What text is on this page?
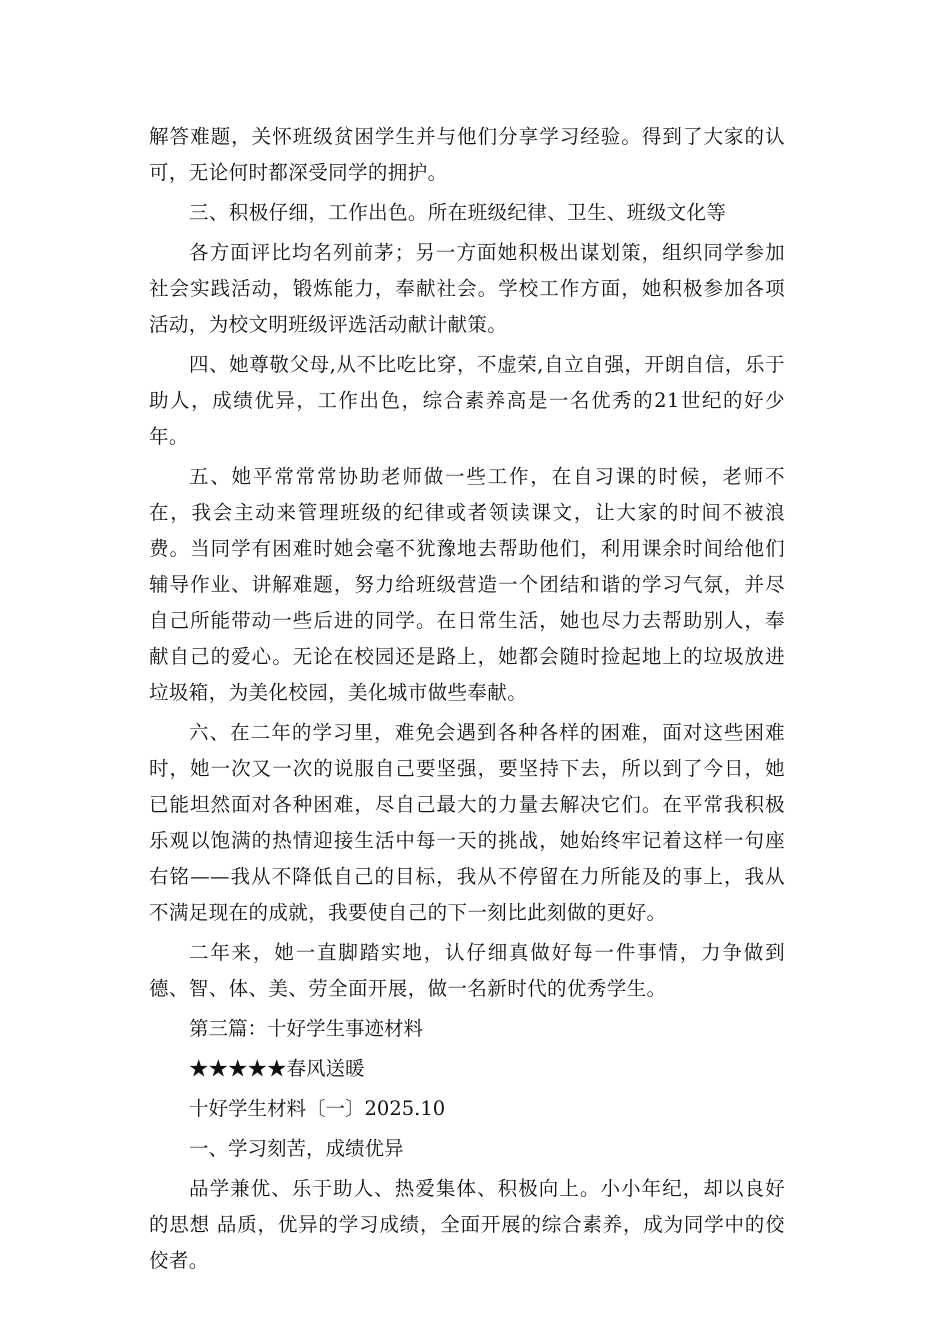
解答难题，关怀班级贫困学生并与他们分享学习经验。得到了大家的认可，无论何时都深受同学的拥护。

三、积极仔细，工作出色。所在班级纪律、卫生、班级文化等

各方面评比均名列前茅；另一方面她积极出谋划策，组织同学参加社会实践活动，锻炼能力，奉献社会。学校工作方面，她积极参加各项活动，为校文明班级评选活动献计献策。

四、她尊敬父母,从不比吃比穿，不虚荣,自立自强，开朗自信，乐于助人，成绩优异，工作出色，综合素养高是一名优秀的21世纪的好少年。

五、她平常常常协助老师做一些工作，在自习课的时候，老师不在，我会主动来管理班级的纪律或者领读课文，让大家的时间不被浪费。当同学有困难时她会毫不犹豫地去帮助他们，利用课余时间给他们辅导作业、讲解难题，努力给班级营造一个团结和谐的学习气氛，并尽自己所能带动一些后进的同学。在日常生活，她也尽力去帮助别人，奉献自己的爱心。无论在校园还是路上，她都会随时捡起地上的垃圾放进垃圾箱，为美化校园，美化城市做些奉献。

六、在二年的学习里，难免会遇到各种各样的困难，面对这些困难时，她一次又一次的说服自己要坚强，要坚持下去，所以到了今日，她已能坦然面对各种困难，尽自己最大的力量去解决它们。在平常我积极乐观以饱满的热情迎接生活中每一天的挑战，她始终牢记着这样一句座右铭——我从不降低自己的目标，我从不停留在力所能及的事上，我从不满足现在的成就，我要使自己的下一刻比此刻做的更好。

二年来，她一直脚踏实地，认仔细真做好每一件事情，力争做到德、智、体、美、劳全面开展，做一名新时代的优秀学生。

第三篇：十好学生事迹材料

★★★★★春风送暖

十好学生材料〔一〕2025.10

一、学习刻苦，成绩优异

品学兼优、乐于助人、热爱集体、积极向上。小小年纪，却以良好的思想 品质，优异的学习成绩，全面开展的综合素养，成为同学中的佼佼者。
